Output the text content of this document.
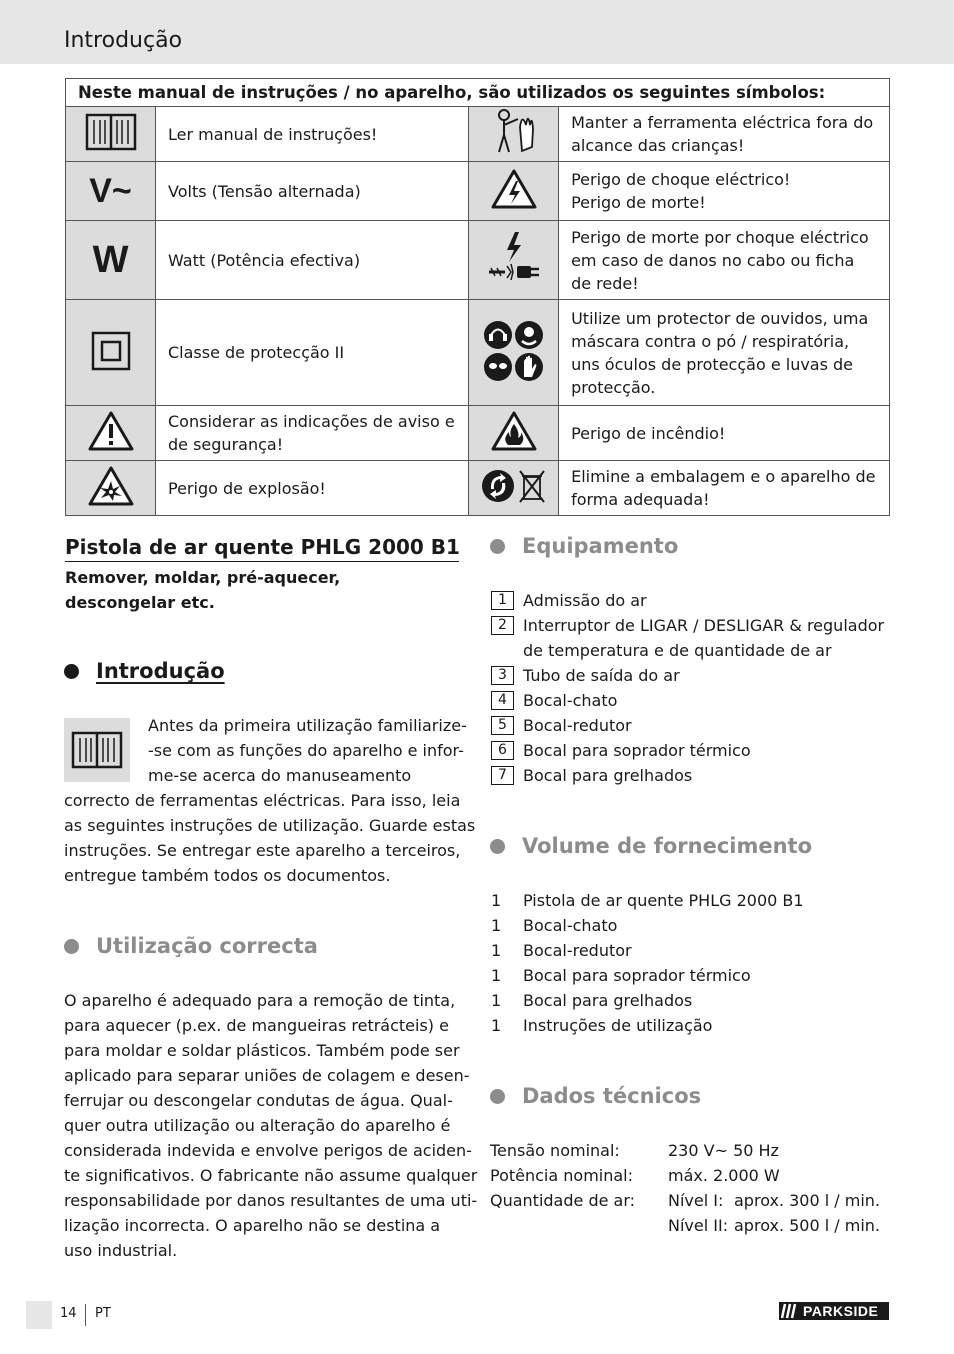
Introdução
Neste manual de instruções / no aparelho, são utilizados os seguintes símbolos:			

Ler manual de instruções!		Manter a ferramenta eléctrica fora do
alcance das crianças!

V~	Volts (Tensão alternada)		Perigo de choque eléctrico!
Perigo de morte!

W	Watt (Potência efectiva)		Perigo de morte por choque eléctrico
em caso de danos no cabo ou ficha
de rede!

Classe de protecção II		Utilize um protector de ouvidos, uma
máscara contra o pó / respiratória,
uns óculos de protecção e luvas de
protecção.

Considerar as indicações de aviso e
de segurança!		Perigo de incêndio!

Perigo de explosão!		Elimine a embalagem e o aparelho de
forma adequada!
Pistola de ar quente PHLG 2000 B1
Remover, moldar, pré-aquecer,
descongelar etc.
Introdução
Antes da primeira utilização familiarize-
-se com as funções do aparelho e infor-
me-se acerca do manuseamento
correcto de ferramentas eléctricas. Para isso, leia
as seguintes instruções de utilização. Guarde estas
instruções. Se entregar este aparelho a terceiros,
entregue também todos os documentos.
Utilização correcta
O aparelho é adequado para a remoção de tinta,
para aquecer (p.ex. de mangueiras retrácteis) e
para moldar e soldar plásticos. Também pode ser
aplicado para separar uniões de colagem e desen-
ferrujar ou descongelar condutas de água. Qual-
quer outra utilização ou alteração do aparelho é
considerada indevida e envolve perigos de aciden-
te significativos. O fabricante não assume qualquer
responsabilidade por danos resultantes de uma uti-
lização incorrecta. O aparelho não se destina a
uso industrial.
Equipamento
1	Admissão do ar
2	Interruptor de LIGAR / DESLIGAR & regulador
de temperatura e de quantidade de ar
3	Tubo de saída do ar
4	Bocal-chato
5	Bocal-redutor
6	Bocal para soprador térmico
7	Bocal para grelhados
Volume de fornecimento
1	Pistola de ar quente PHLG 2000 B1
1	Bocal-chato
1	Bocal-redutor
1	Bocal para soprador térmico
1	Bocal para grelhados
1	Instruções de utilização
Dados técnicos
Tensão nominal:	230 V~ 50 Hz
Potência nominal:	máx. 2.000 W
Quantidade de ar:	Nível I: aprox. 300 l / min.
Nível II: aprox. 500 l / min.
14 PT	PARKSIDE
